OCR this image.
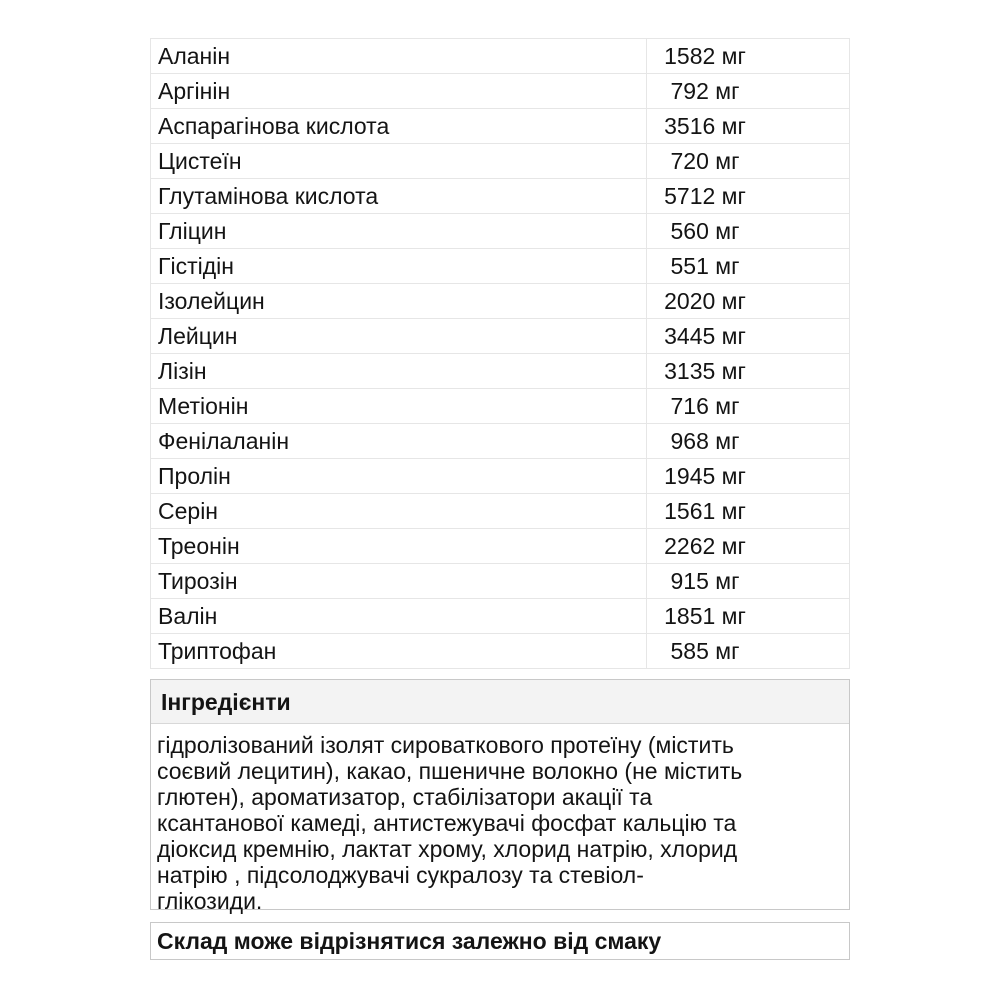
Аланін	1582 мг
Аргінін	792 мг
Аспарагінова кислота	3516 мг
Цистеїн	720 мг
Глутамінова кислота	5712 мг
Гліцин	560 мг
Гістідін	551 мг
Ізолейцин	2020 мг
Лейцин	3445 мг
Лізін	3135 мг
Метіонін	716 мг
Фенілаланін	968 мг
Пролін	1945 мг
Серін	1561 мг
Треонін	2262 мг
Тирозін	915 мг
Валін	1851 мг
Триптофан	585 мг
Інгредієнти
гідролізований ізолят сироваткового протеїну (містить
соєвий лецитин), какао, пшеничне волокно (не містить
глютен), ароматизатор, стабілізатори акації та
ксантанової камеді, антистежувачі фосфат кальцію та
діоксид кремнію, лактат хрому, хлорид натрію, хлорид
натрію , підсолоджувачі сукралозу та стевіол-
глікозиди.
Склад може відрізнятися залежно від смаку
